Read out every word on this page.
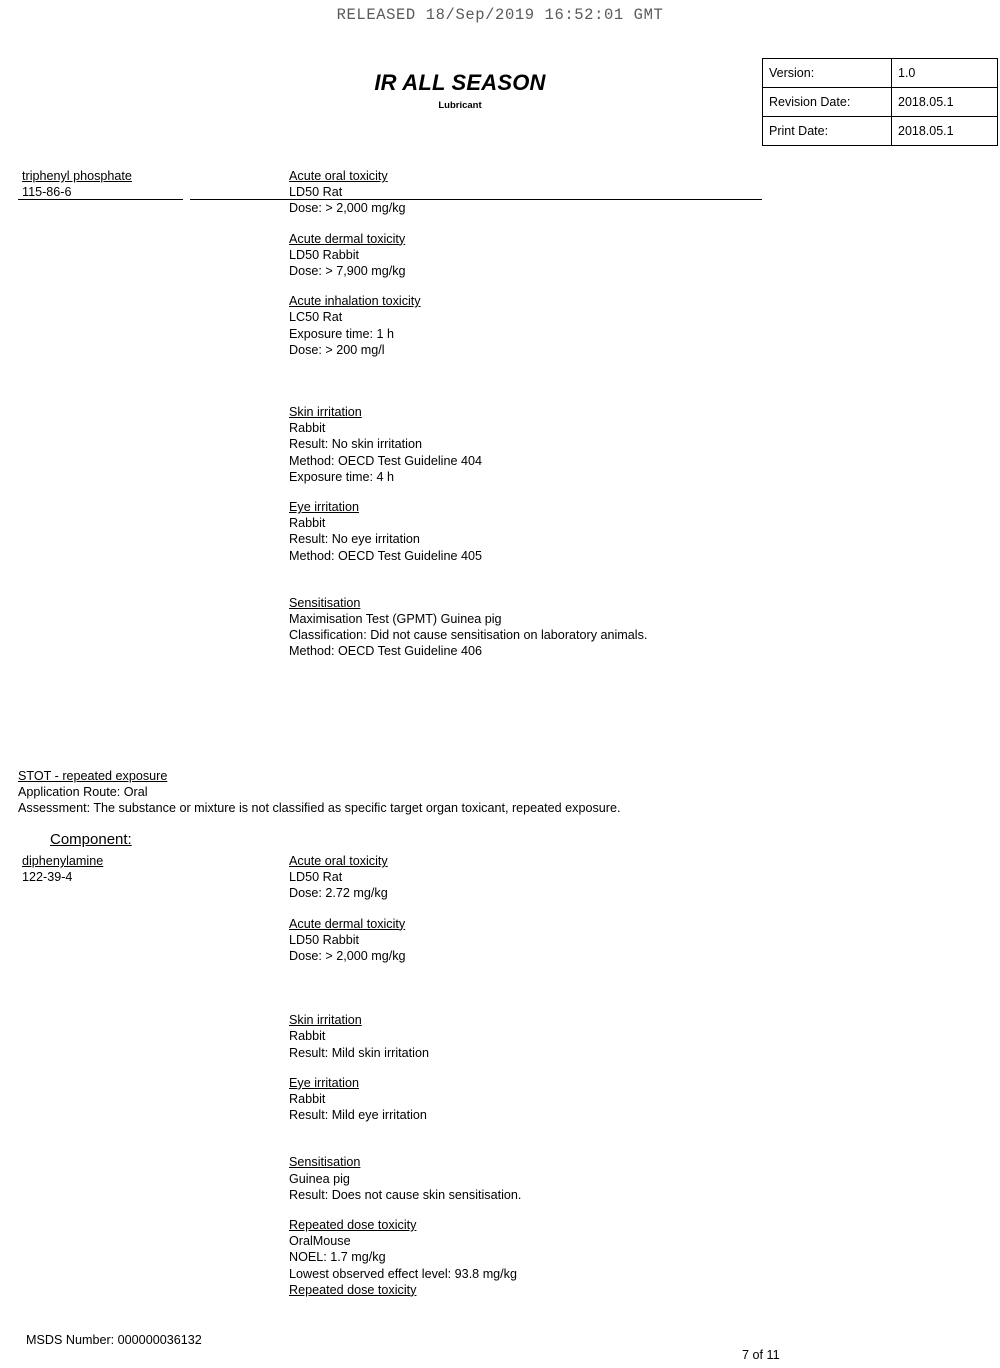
RELEASED 18/Sep/2019 16:52:01 GMT
IR ALL SEASON
Lubricant
Version:	1.0
Revision Date:	2018.05.1
Print Date:	2018.05.1
triphenyl phosphate
115-86-6
Acute oral toxicity
LD50 Rat
Dose: > 2,000 mg/kg
Acute dermal toxicity
LD50 Rabbit
Dose: > 7,900 mg/kg
Acute inhalation toxicity
LC50 Rat
Exposure time: 1 h
Dose: > 200 mg/l
Skin irritation
Rabbit
Result: No skin irritation
Method: OECD Test Guideline 404
Exposure time: 4 h
Eye irritation
Rabbit
Result: No eye irritation
Method: OECD Test Guideline 405
Sensitisation
Maximisation Test (GPMT) Guinea pig
Classification: Did not cause sensitisation on laboratory animals.
Method: OECD Test Guideline 406
STOT - repeated exposure
Application Route: Oral
Assessment: The substance or mixture is not classified as specific target organ toxicant, repeated exposure.
Component:
diphenylamine
122-39-4
Acute oral toxicity
LD50 Rat
Dose: 2.72 mg/kg
Acute dermal toxicity
LD50 Rabbit
Dose: > 2,000 mg/kg
Skin irritation
Rabbit
Result: Mild skin irritation
Eye irritation
Rabbit
Result: Mild eye irritation
Sensitisation
Guinea pig
Result: Does not cause skin sensitisation.
Repeated dose toxicity
OralMouse
NOEL: 1.7 mg/kg
Lowest observed effect level: 93.8 mg/kg
Repeated dose toxicity
MSDS Number: 000000036132
7 of 11
